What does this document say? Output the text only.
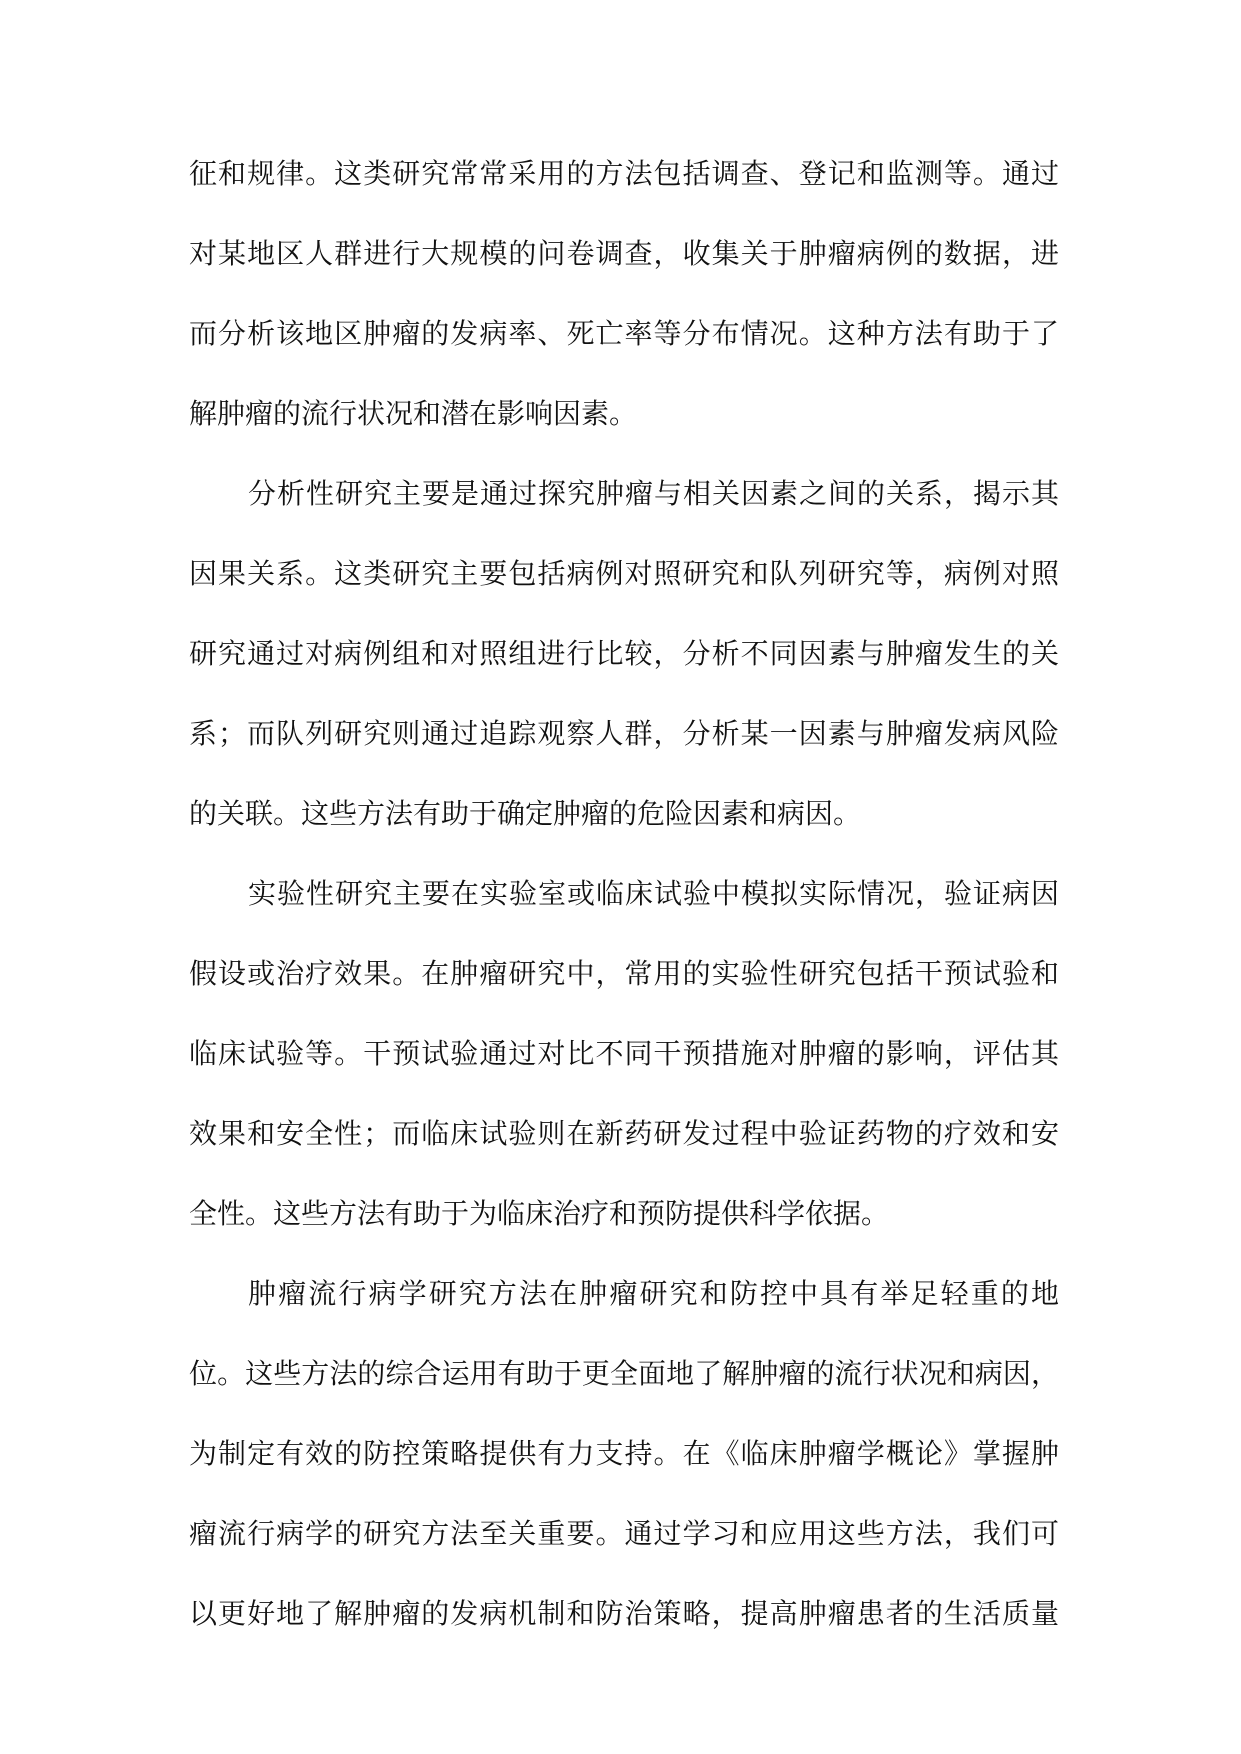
征和规律。这类研究常常采用的方法包括调查、登记和监测等。通过
对某地区人群进行大规模的问卷调查，收集关于肿瘤病例的数据，进
而分析该地区肿瘤的发病率、死亡率等分布情况。这种方法有助于了
解肿瘤的流行状况和潜在影响因素。
分析性研究主要是通过探究肿瘤与相关因素之间的关系，揭示其
因果关系。这类研究主要包括病例对照研究和队列研究等，病例对照
研究通过对病例组和对照组进行比较，分析不同因素与肿瘤发生的关
系；而队列研究则通过追踪观察人群，分析某一因素与肿瘤发病风险
的关联。这些方法有助于确定肿瘤的危险因素和病因。
实验性研究主要在实验室或临床试验中模拟实际情况，验证病因
假设或治疗效果。在肿瘤研究中，常用的实验性研究包括干预试验和
临床试验等。干预试验通过对比不同干预措施对肿瘤的影响，评估其
效果和安全性；而临床试验则在新药研发过程中验证药物的疗效和安
全性。这些方法有助于为临床治疗和预防提供科学依据。
肿瘤流行病学研究方法在肿瘤研究和防控中具有举足轻重的地
位。这些方法的综合运用有助于更全面地了解肿瘤的流行状况和病因，
为制定有效的防控策略提供有力支持。在《临床肿瘤学概论》掌握肿
瘤流行病学的研究方法至关重要。通过学习和应用这些方法，我们可
以更好地了解肿瘤的发病机制和防治策略，提高肿瘤患者的生活质量
